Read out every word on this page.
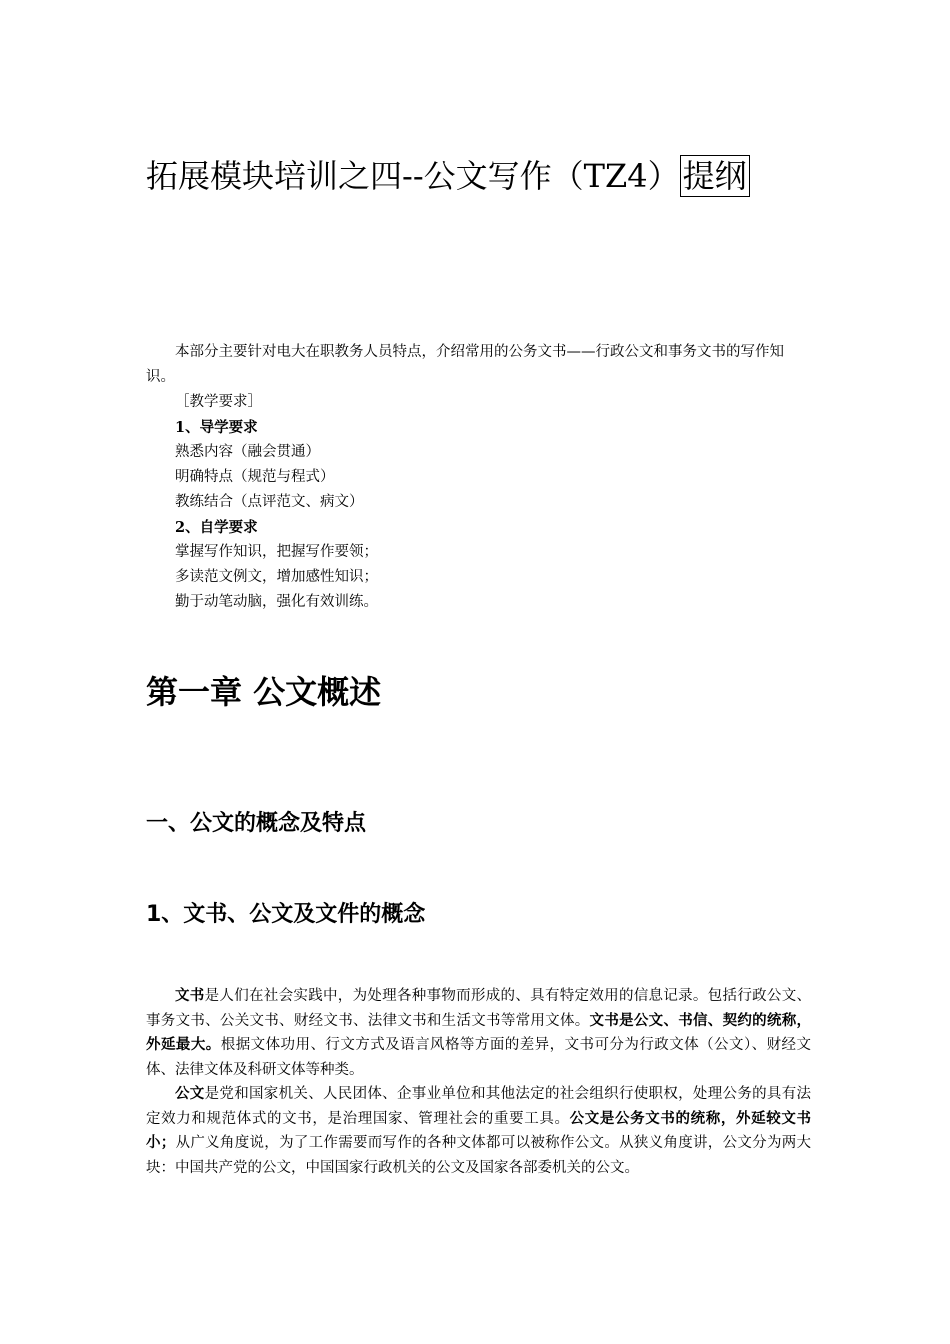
拓展模块培训之四--公文写作（TZ4）提纲

本部分主要针对电大在职教务人员特点，介绍常用的公务文书——行政公文和事务文书的写作知识。

［教学要求］

1、导学要求

熟悉内容（融会贯通）

明确特点（规范与程式）

教练结合（点评范文、病文）

2、自学要求

掌握写作知识，把握写作要领；

多读范文例文，增加感性知识；

勤于动笔动脑，强化有效训练。

第一章 公文概述
一、公文的概念及特点
1、文书、公文及文件的概念

文书是人们在社会实践中，为处理各种事物而形成的、具有特定效用的信息记录。包括行政公文、事务文书、公关文书、财经文书、法律文书和生活文书等常用文体。文书是公文、书信、契约的统称，外延最大。根据文体功用、行文方式及语言风格等方面的差异，文书可分为行政文体（公文）、财经文体、法律文体及科研文体等种类。

公文是党和国家机关、人民团体、企事业单位和其他法定的社会组织行使职权，处理公务的具有法定效力和规范体式的文书，是治理国家、管理社会的重要工具。公文是公务文书的统称，外延较文书小；从广义角度说，为了工作需要而写作的各种文体都可以被称作公文。从狭义角度讲，公文分为两大块：中国共产党的公文，中国国家行政机关的公文及国家各部委机关的公文。
